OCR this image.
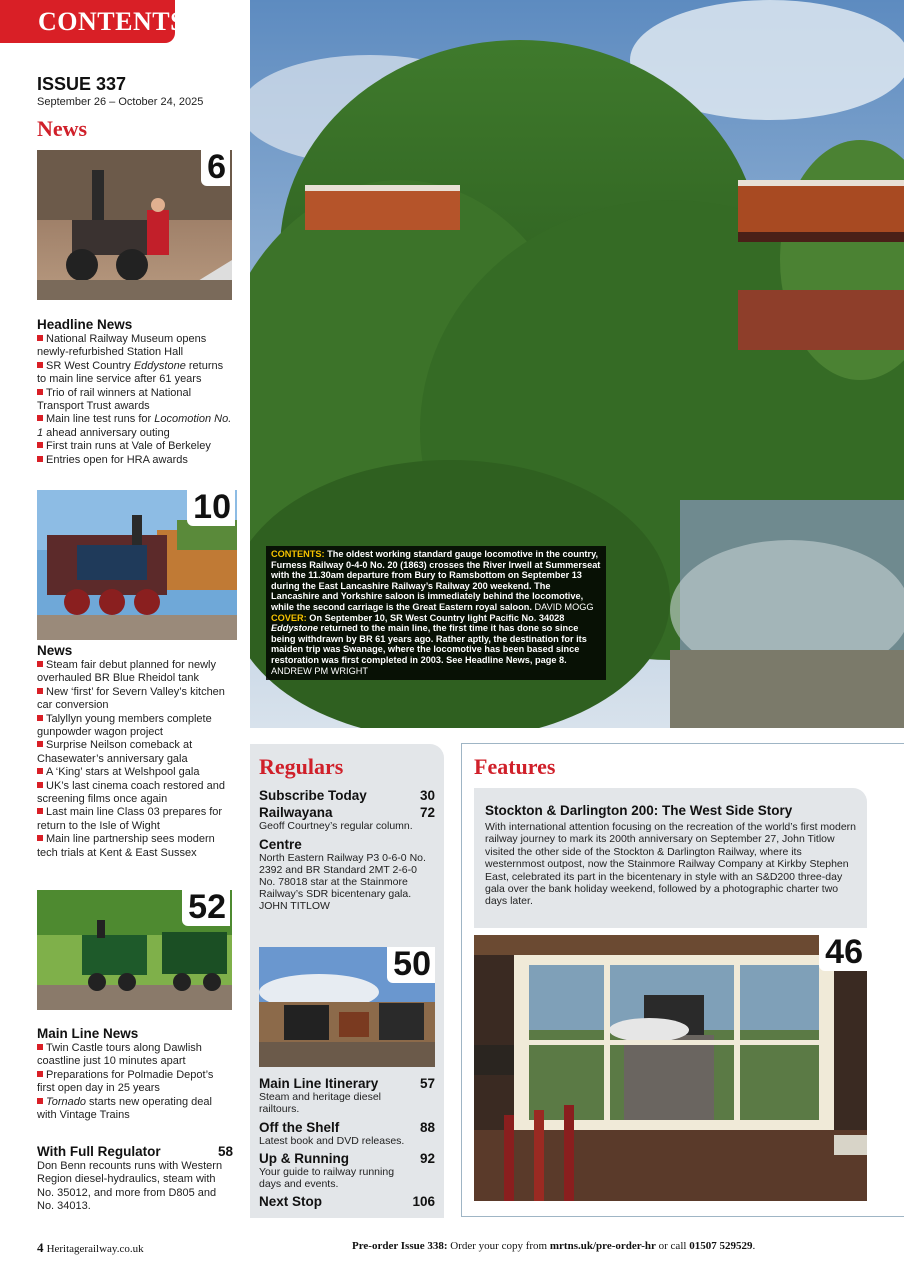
CONTENTS
ISSUE 337
September 26 – October 24, 2025
News
6
Headline News
National Railway Museum opens newly-refurbished Station Hall
SR West Country Eddystone returns to main line service after 61 years
Trio of rail winners at National Transport Trust awards
Main line test runs for Locomotion No. 1 ahead anniversary outing
First train runs at Vale of Berkeley
Entries open for HRA awards
10
News
Steam fair debut planned for newly overhauled BR Blue Rheidol tank
New ‘first’ for Severn Valley’s kitchen car conversion
Talyllyn young members complete gunpowder wagon project
Surprise Neilson comeback at Chasewater’s anniversary gala
A ‘King’ stars at Welshpool gala
UK’s last cinema coach restored and screening films once again
Last main line Class 03 prepares for return to the Isle of Wight
Main line partnership sees modern tech trials at Kent & East Sussex
52
Main Line News
Twin Castle tours along Dawlish coastline just 10 minutes apart
Preparations for Polmadie Depot’s first open day in 25 years
Tornado starts new operating deal with Vintage Trains
With Full Regulator	58
Don Benn recounts runs with Western Region diesel-hydraulics, steam with No. 35012, and more from D805 and No. 34013.
CONTENTS: The oldest working standard gauge locomotive in the country, Furness Railway 0-4-0 No. 20 (1863) crosses the River Irwell at Summerseat with the 11.30am departure from Bury to Ramsbottom on September 13 during the East Lancashire Railway’s Railway 200 weekend. The Lancashire and Yorkshire saloon is immediately behind the locomotive, while the second carriage is the Great Eastern royal saloon. DAVID MOGG
COVER: On September 10, SR West Country light Pacific No. 34028 Eddystone returned to the main line, the first time it has done so since being withdrawn by BR 61 years ago. Rather aptly, the destination for its maiden trip was Swanage, where the locomotive has been based since restoration was first completed in 2003. See Headline News, page 8. ANDREW PM WRIGHT
Regulars
Subscribe Today	30
Railwayana	72
Geoff Courtney’s regular column.
Centre
North Eastern Railway P3 0-6-0 No. 2392 and BR Standard 2MT 2-6-0 No. 78018 star at the Stainmore Railway’s SDR bicentenary gala.
JOHN TITLOW
50
Main Line Itinerary	57
Steam and heritage diesel railtours.
Off the Shelf	88
Latest book and DVD releases.
Up & Running	92
Your guide to railway running days and events.
Next Stop	106
Features
Stockton & Darlington 200: The West Side Story
With international attention focusing on the recreation of the world’s first modern railway journey to mark its 200th anniversary on September 27, John Titlow visited the other side of the Stockton & Darlington Railway, where its westernmost outpost, now the Stainmore Railway Company at Kirkby Stephen East, celebrated its part in the bicentenary in style with an S&D200 three-day gala over the bank holiday weekend, followed by a photographic charter two days later.
46
4 Heritagerailway.co.uk	Pre-order Issue 338: Order your copy from mrtns.uk/pre-order-hr or call 01507 529529.
